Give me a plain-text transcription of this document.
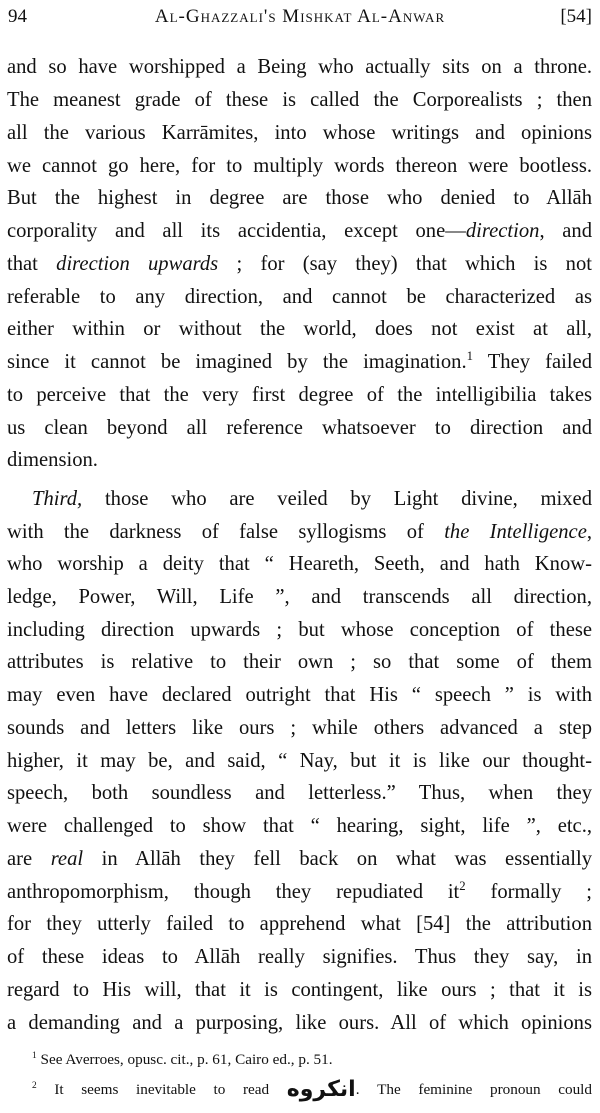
94	Al-Ghazzali's Mishkat Al-Anwar	[54]
and so have worshipped a Being who actually sits on a throne.
The meanest grade of these is called the Corporealists ; then
all the various Karrāmites, into whose writings and opinions
we cannot go here, for to multiply words thereon were bootless.
But the highest in degree are those who denied to Allāh
corporality and all its accidentia, except one—direction, and
that direction upwards ; for (say they) that which is not
referable to any direction, and cannot be characterized as
either within or without the world, does not exist at all,
since it cannot be imagined by the imagination.$^1$ They failed
to perceive that the very first degree of the intelligibilia takes
us clean beyond all reference whatsoever to direction and
dimension.
Third, those who are veiled by Light divine, mixed
with the darkness of false syllogisms of the Intelligence,
who worship a deity that “ Heareth, Seeth, and hath Know-
ledge, Power, Will, Life ”, and transcends all direction,
including direction upwards ; but whose conception of these
attributes is relative to their own ; so that some of them
may even have declared outright that His “ speech ” is with
sounds and letters like ours ; while others advanced a step
higher, it may be, and said, “ Nay, but it is like our thought-
speech, both soundless and letterless.” Thus, when they
were challenged to show that “ hearing, sight, life ”, etc.,
are real in Allāh they fell back on what was essentially
anthropomorphism, though they repudiated $it^2$ formally ;
for they utterly failed to apprehend what [54] the attribution
of these ideas to Allāh really signifies. Thus they say, in
regard to His will, that it is contingent, like ours ; that it is
a demanding and a purposing, like ours. All of which opinions
$^1$ See Averroes, opusc. cit., p. 61, Cairo ed., p. 51.
$^2$ It seems inevitable to read انكروه. The feminine pronoun could
